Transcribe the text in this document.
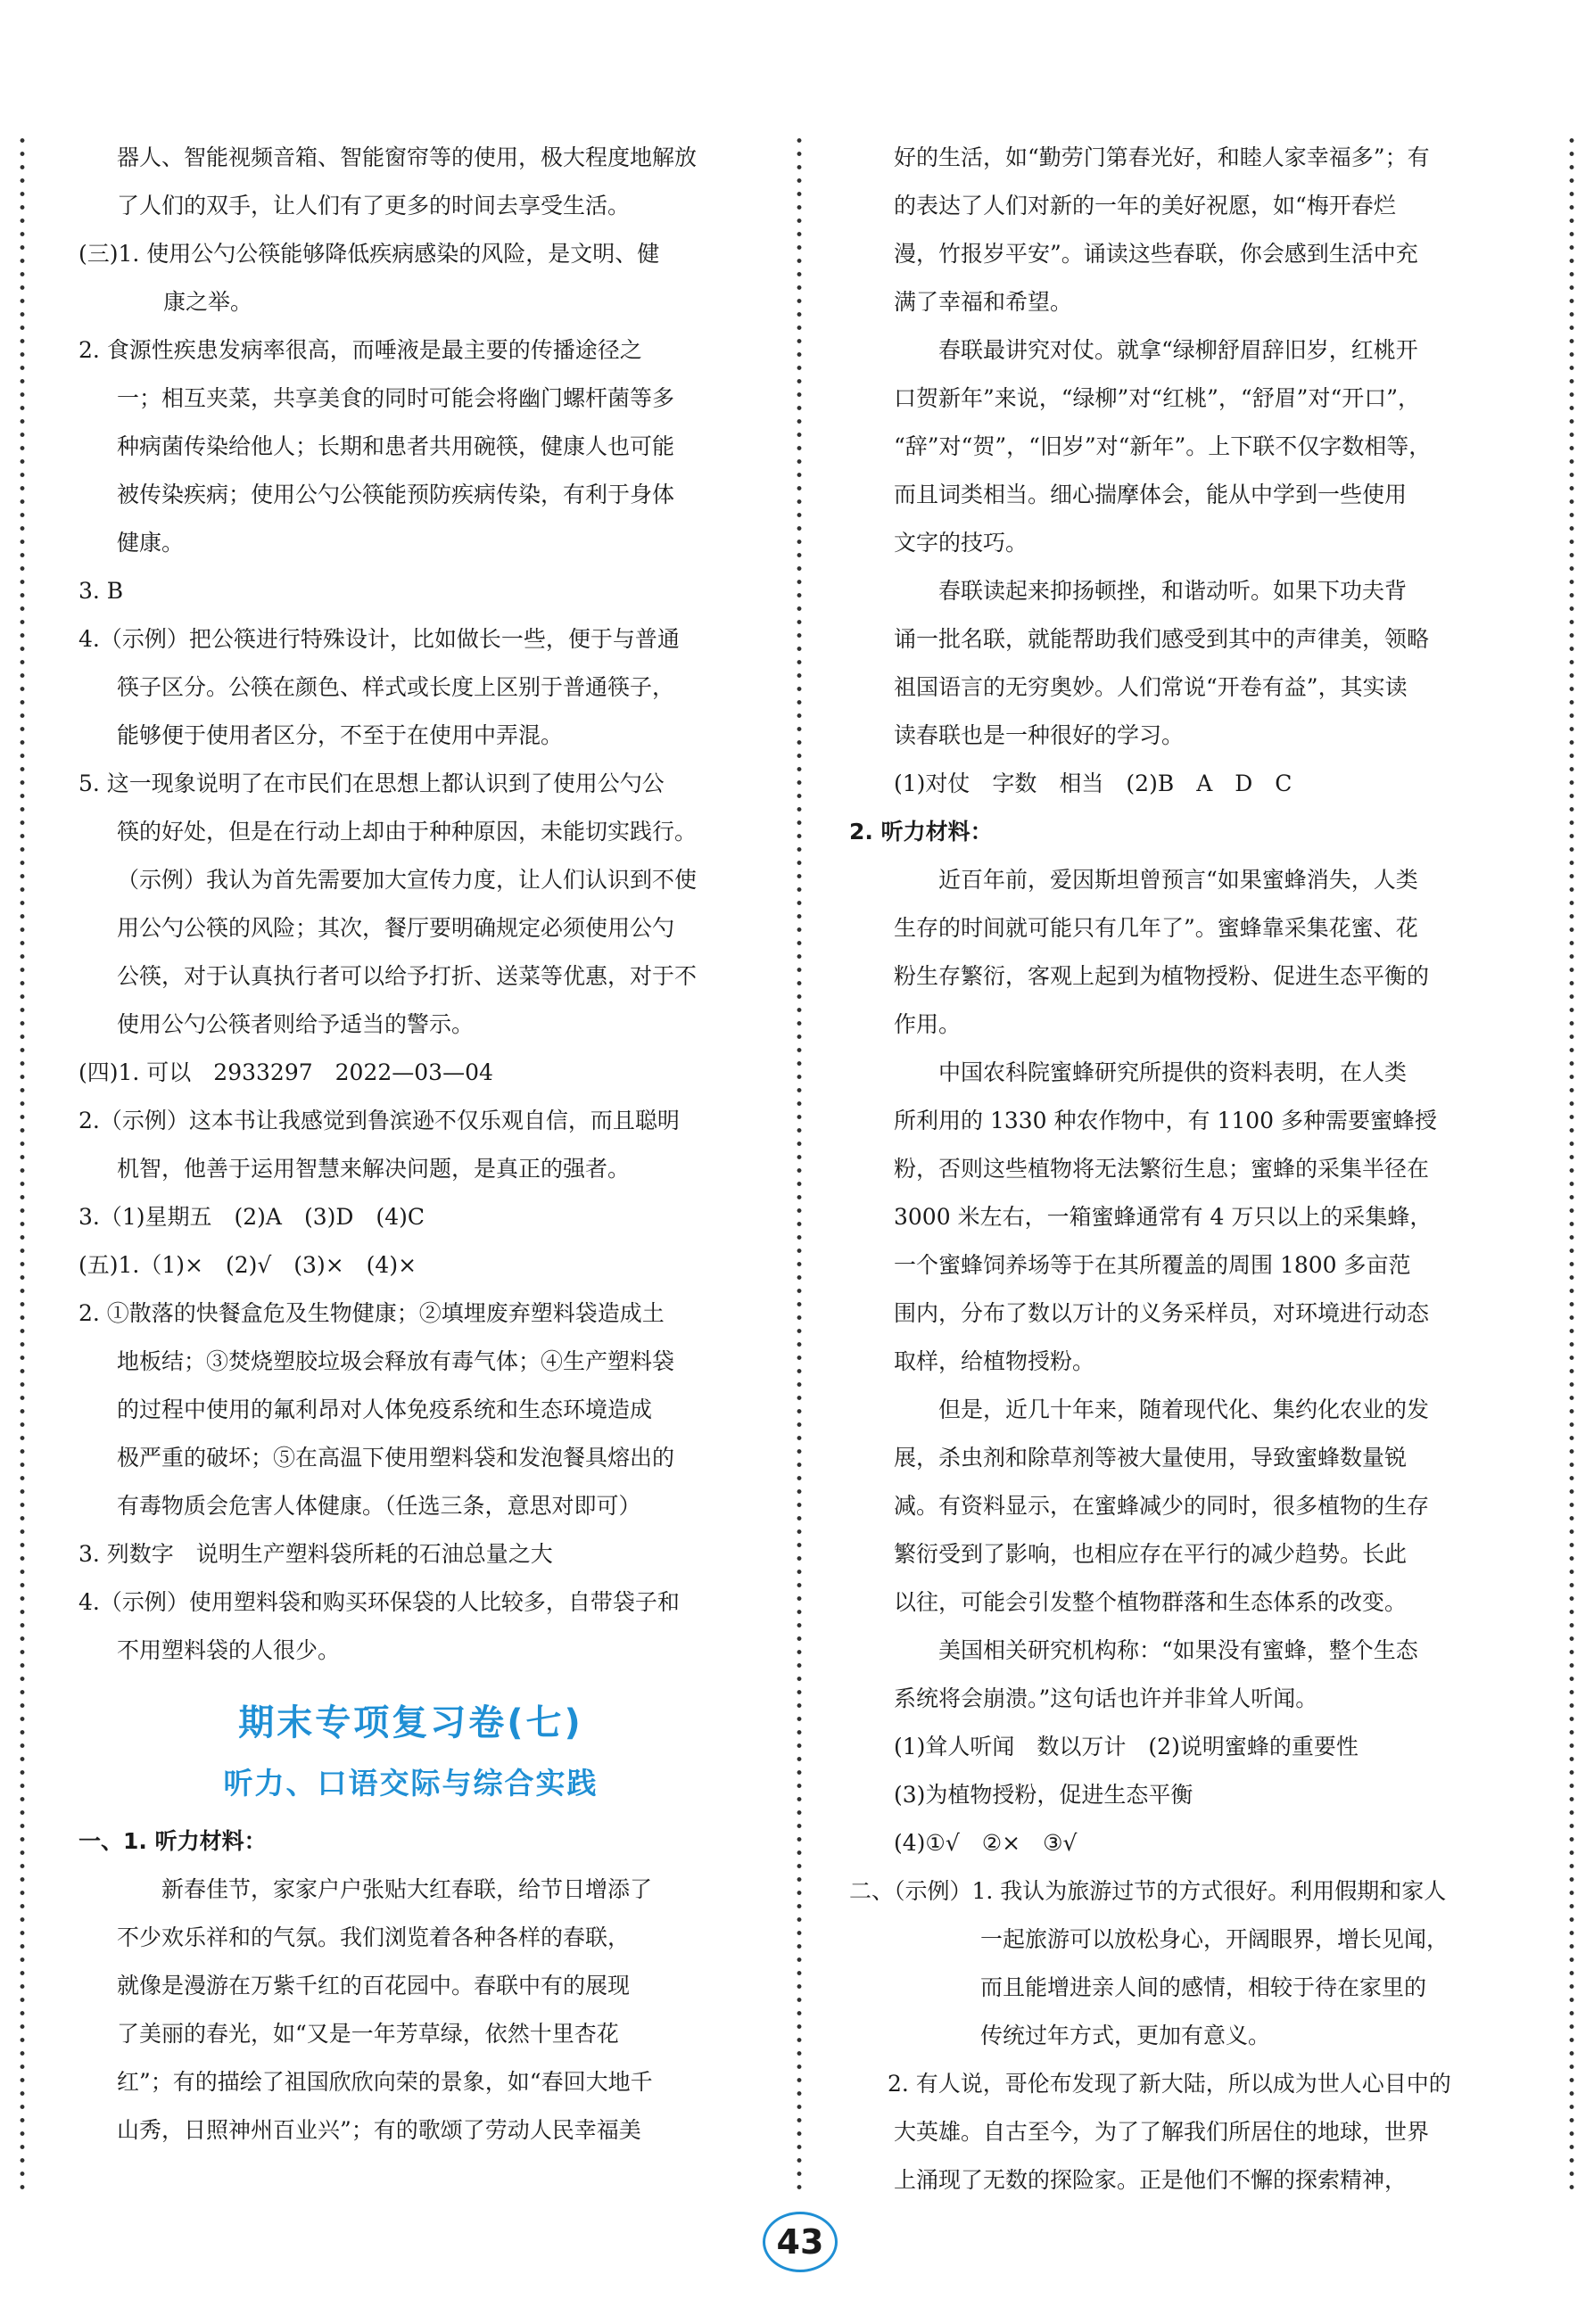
器人、智能视频音箱、智能窗帘等的使用，极大程度地解放

了人们的双手，让人们有了更多的时间去享受生活。

(三)1. 使用公勺公筷能够降低疾病感染的风险，是文明、健

康之举。

2. 食源性疾患发病率很高，而唾液是最主要的传播途径之

一；相互夹菜，共享美食的同时可能会将幽门螺杆菌等多

种病菌传染给他人；长期和患者共用碗筷，健康人也可能

被传染疾病；使用公勺公筷能预防疾病传染，有利于身体

健康。

3. B

4.（示例）把公筷进行特殊设计，比如做长一些，便于与普通

筷子区分。公筷在颜色、样式或长度上区别于普通筷子，

能够便于使用者区分，不至于在使用中弄混。

5. 这一现象说明了在市民们在思想上都认识到了使用公勺公

筷的好处，但是在行动上却由于种种原因，未能切实践行。

（示例）我认为首先需要加大宣传力度，让人们认识到不使

用公勺公筷的风险；其次，餐厅要明确规定必须使用公勺

公筷，对于认真执行者可以给予打折、送菜等优惠，对于不

使用公勺公筷者则给予适当的警示。

(四)1. 可以　2933297　2022—03—04

2.（示例）这本书让我感觉到鲁滨逊不仅乐观自信，而且聪明

机智，他善于运用智慧来解决问题，是真正的强者。

3.（1)星期五　(2)A　(3)D　(4)C

(五)1.（1)×　(2)√　(3)×　(4)×

2. ①散落的快餐盒危及生物健康；②填埋废弃塑料袋造成土

地板结；③焚烧塑胶垃圾会释放有毒气体；④生产塑料袋

的过程中使用的氟利昂对人体免疫系统和生态环境造成

极严重的破坏；⑤在高温下使用塑料袋和发泡餐具熔出的

有毒物质会危害人体健康。（任选三条，意思对即可）

3. 列数字　说明生产塑料袋所耗的石油总量之大

4.（示例）使用塑料袋和购买环保袋的人比较多，自带袋子和

不用塑料袋的人很少。

期末专项复习卷(七)
听力、口语交际与综合实践

一、1. 听力材料：

新春佳节，家家户户张贴大红春联，给节日增添了

不少欢乐祥和的气氛。我们浏览着各种各样的春联，

就像是漫游在万紫千红的百花园中。春联中有的展现

了美丽的春光，如“又是一年芳草绿，依然十里杏花

红”；有的描绘了祖国欣欣向荣的景象，如“春回大地千

山秀，日照神州百业兴”；有的歌颂了劳动人民幸福美

好的生活，如“勤劳门第春光好，和睦人家幸福多”；有

的表达了人们对新的一年的美好祝愿，如“梅开春烂

漫，竹报岁平安”。诵读这些春联，你会感到生活中充

满了幸福和希望。

春联最讲究对仗。就拿“绿柳舒眉辞旧岁，红桃开

口贺新年”来说，“绿柳”对“红桃”，“舒眉”对“开口”，

“辞”对“贺”，“旧岁”对“新年”。上下联不仅字数相等，

而且词类相当。细心揣摩体会，能从中学到一些使用

文字的技巧。

春联读起来抑扬顿挫，和谐动听。如果下功夫背

诵一批名联，就能帮助我们感受到其中的声律美，领略

祖国语言的无穷奥妙。人们常说“开卷有益”，其实读

读春联也是一种很好的学习。

(1)对仗　字数　相当　(2)B　A　D　C

2. 听力材料：

近百年前，爱因斯坦曾预言“如果蜜蜂消失，人类

生存的时间就可能只有几年了”。蜜蜂靠采集花蜜、花

粉生存繁衍，客观上起到为植物授粉、促进生态平衡的

作用。

中国农科院蜜蜂研究所提供的资料表明，在人类

所利用的 1330 种农作物中，有 1100 多种需要蜜蜂授

粉，否则这些植物将无法繁衍生息；蜜蜂的采集半径在

3000 米左右，一箱蜜蜂通常有 4 万只以上的采集蜂，

一个蜜蜂饲养场等于在其所覆盖的周围 1800 多亩范

围内，分布了数以万计的义务采样员，对环境进行动态

取样，给植物授粉。

但是，近几十年来，随着现代化、集约化农业的发

展，杀虫剂和除草剂等被大量使用，导致蜜蜂数量锐

减。有资料显示，在蜜蜂减少的同时，很多植物的生存

繁衍受到了影响，也相应存在平行的减少趋势。长此

以往，可能会引发整个植物群落和生态体系的改变。

美国相关研究机构称：“如果没有蜜蜂，整个生态

系统将会崩溃。”这句话也许并非耸人听闻。

(1)耸人听闻　数以万计　(2)说明蜜蜂的重要性

(3)为植物授粉，促进生态平衡

(4)①√　②×　③√

二、（示例）1. 我认为旅游过节的方式很好。利用假期和家人

一起旅游可以放松身心，开阔眼界，增长见闻，

而且能增进亲人间的感情，相较于待在家里的

传统过年方式，更加有意义。

2. 有人说，哥伦布发现了新大陆，所以成为世人心目中的

大英雄。自古至今，为了了解我们所居住的地球，世界

上涌现了无数的探险家。正是他们不懈的探索精神，

43
